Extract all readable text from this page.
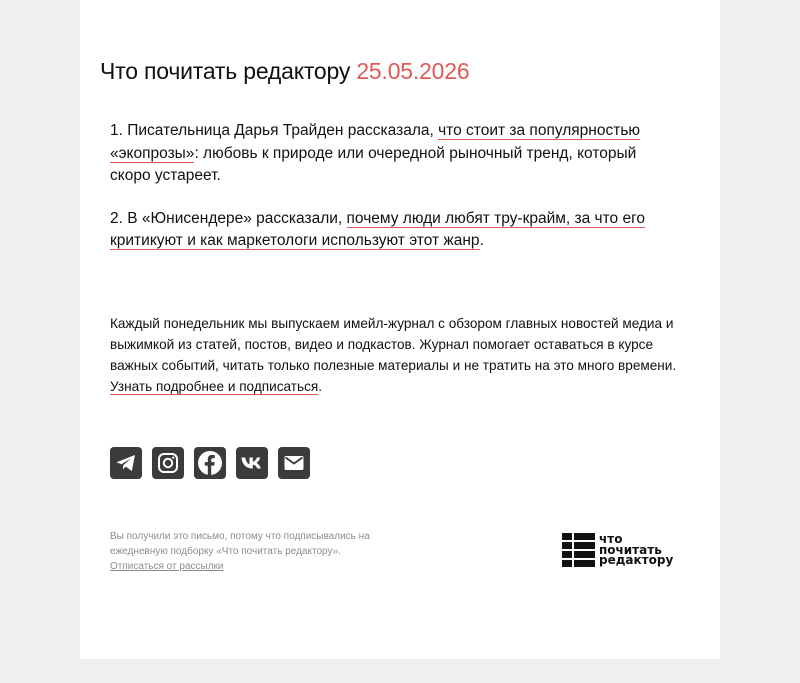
Что почитать редактору 25.05.2026

1. Писательница Дарья Трайден рассказала, что стоит за популярностью «экопрозы»: любовь к природе или очередной рыночный тренд, который скоро устареет.

2. В «Юнисендере» рассказали, почему люди любят тру-крайм, за что его критикуют и как маркетологи используют этот жанр.

Каждый понедельник мы выпускаем имейл-журнал с обзором главных новостей медиа и выжимкой из статей, постов, видео и подкастов. Журнал помогает оставаться в курсе важных событий, читать только полезные материалы и не тратить на это много времени. Узнать подробнее и подписаться.

Вы получили это письмо, потому что подписывались на ежедневную подборку «Что почитать редактору».
Отписаться от рассылки
что
почитать
редактору
